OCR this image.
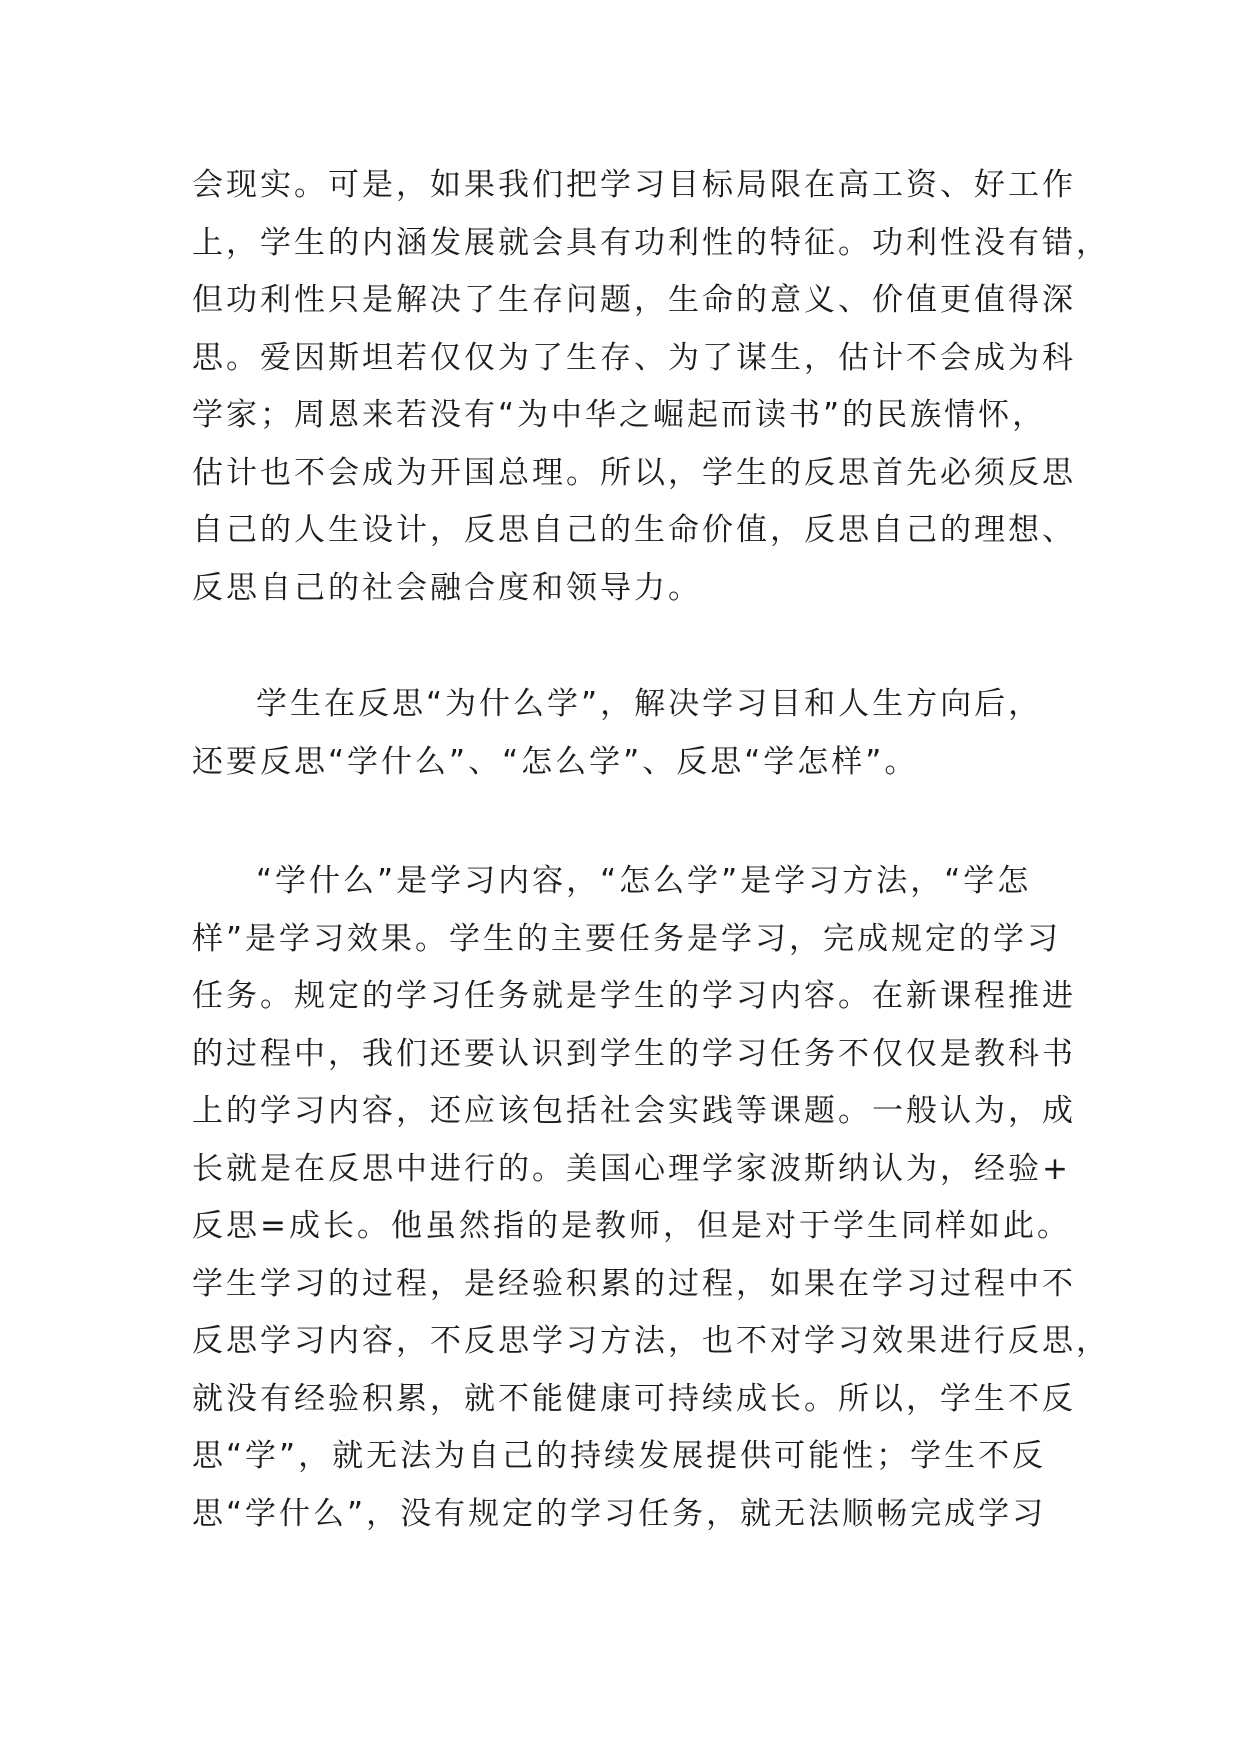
会现实。可是，如果我们把学习目标局限在高工资、好工作
上，学生的内涵发展就会具有功利性的特征。功利性没有错，
但功利性只是解决了生存问题，生命的意义、价值更值得深
思。爱因斯坦若仅仅为了生存、为了谋生，估计不会成为科
学家；周恩来若没有“为中华之崛起而读书”的民族情怀，
估计也不会成为开国总理。所以，学生的反思首先必须反思
自己的人生设计，反思自己的生命价值，反思自己的理想、
反思自己的社会融合度和领导力。
学生在反思“为什么学”，解决学习目和人生方向后，
还要反思“学什么”、“怎么学”、反思“学怎样”。
“学什么”是学习内容，“怎么学”是学习方法，“学怎
样”是学习效果。学生的主要任务是学习，完成规定的学习
任务。规定的学习任务就是学生的学习内容。在新课程推进
的过程中，我们还要认识到学生的学习任务不仅仅是教科书
上的学习内容，还应该包括社会实践等课题。一般认为，成
长就是在反思中进行的。美国心理学家波斯纳认为，经验+
反思=成长。他虽然指的是教师，但是对于学生同样如此。
学生学习的过程，是经验积累的过程，如果在学习过程中不
反思学习内容，不反思学习方法，也不对学习效果进行反思，
就没有经验积累，就不能健康可持续成长。所以，学生不反
思“学”，就无法为自己的持续发展提供可能性；学生不反
思“学什么”，没有规定的学习任务，就无法顺畅完成学习
